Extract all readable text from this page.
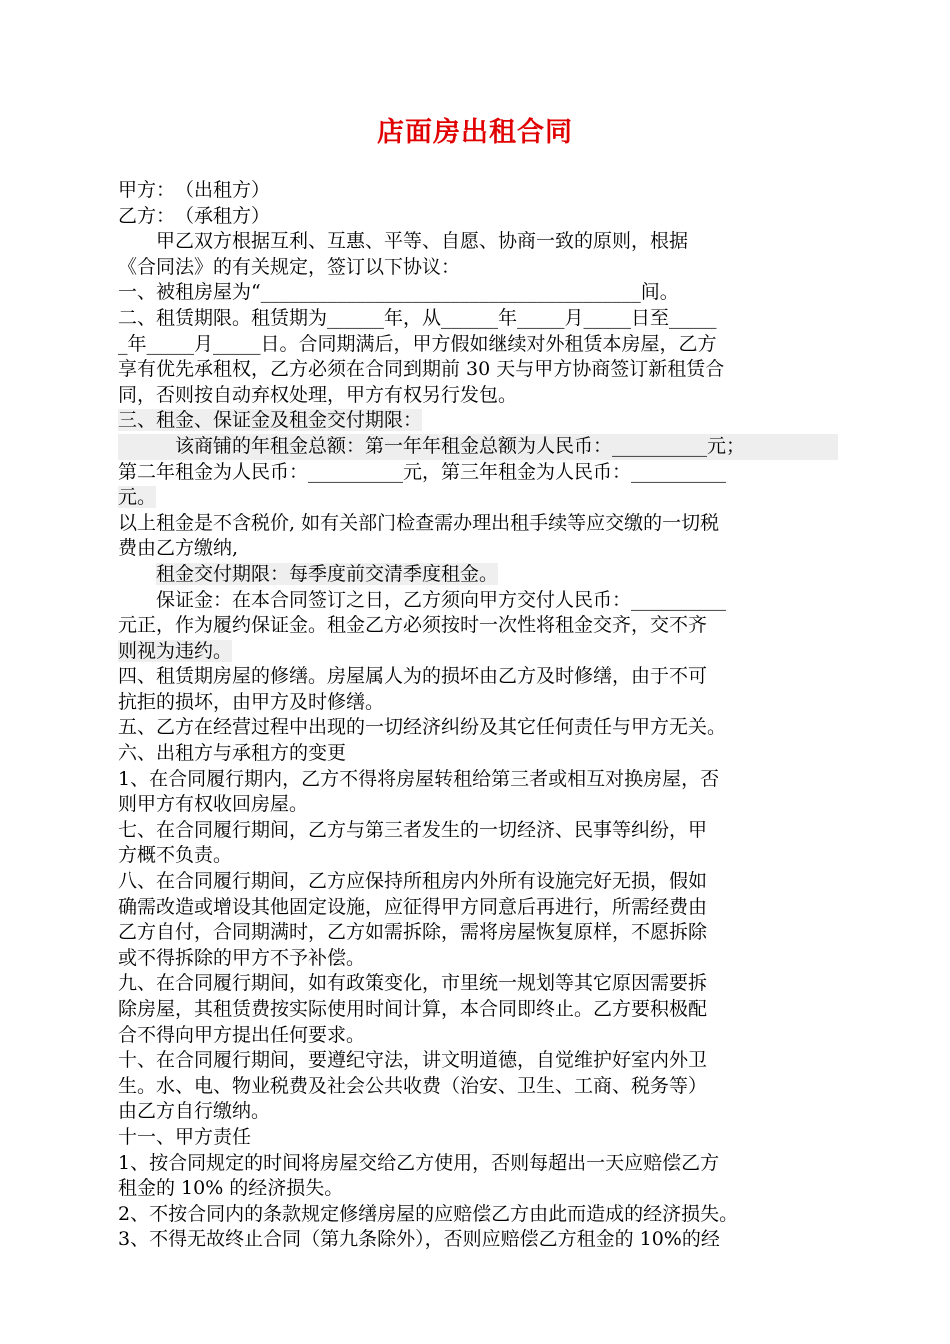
店面房出租合同
甲方：　（出租方）
乙方：　（承租方）
甲乙双方根据互利、互惠、平等、自愿、协商一致的原则，根据
《合同法》的有关规定，签订以下协议：
一、被租房屋为“________________________________________间。
二、租赁期限。租赁期为______年，从______年_____月_____日至_____
_年_____月_____日。合同期满后，甲方假如继续对外租赁本房屋，乙方
享有优先承租权，乙方必须在合同到期前 30 天与甲方协商签订新租赁合
同，否则按自动弃权处理，甲方有权另行发包。
三、租金、保证金及租金交付期限：
该商铺的年租金总额：第一年年租金总额为人民币：__________元；
第二年租金为人民币：__________元，第三年租金为人民币：__________
元。
以上租金是不含税价, 如有关部门检查需办理出租手续等应交缴的一切税
费由乙方缴纳,
租金交付期限：每季度前交清季度租金。
保证金：在本合同签订之日，乙方须向甲方交付人民币：__________
元正，作为履约保证金。租金乙方必须按时一次性将租金交齐，交不齐
则视为违约。
四、租赁期房屋的修缮。房屋属人为的损坏由乙方及时修缮，由于不可
抗拒的损坏，由甲方及时修缮。
五、乙方在经营过程中出现的一切经济纠纷及其它任何责任与甲方无关。
六、出租方与承租方的变更
1、在合同履行期内，乙方不得将房屋转租给第三者或相互对换房屋，否
则甲方有权收回房屋。
七、在合同履行期间，乙方与第三者发生的一切经济、民事等纠纷，甲
方概不负责。
八、在合同履行期间，乙方应保持所租房内外所有设施完好无损，假如
确需改造或增设其他固定设施，应征得甲方同意后再进行，所需经费由
乙方自付，合同期满时，乙方如需拆除，需将房屋恢复原样，不愿拆除
或不得拆除的甲方不予补偿。
九、在合同履行期间，如有政策变化，市里统一规划等其它原因需要拆
除房屋，其租赁费按实际使用时间计算，本合同即终止。乙方要积极配
合不得向甲方提出任何要求。
十、在合同履行期间，要遵纪守法，讲文明道德，自觉维护好室内外卫
生。水、电、物业税费及社会公共收费（治安、卫生、工商、税务等）
由乙方自行缴纳。
十一、甲方责任
1、按合同规定的时间将房屋交给乙方使用，否则每超出一天应赔偿乙方
租金的 10% 的经济损失。
2、不按合同内的条款规定修缮房屋的应赔偿乙方由此而造成的经济损失。
3、不得无故终止合同（第九条除外），否则应赔偿乙方租金的 10%的经
